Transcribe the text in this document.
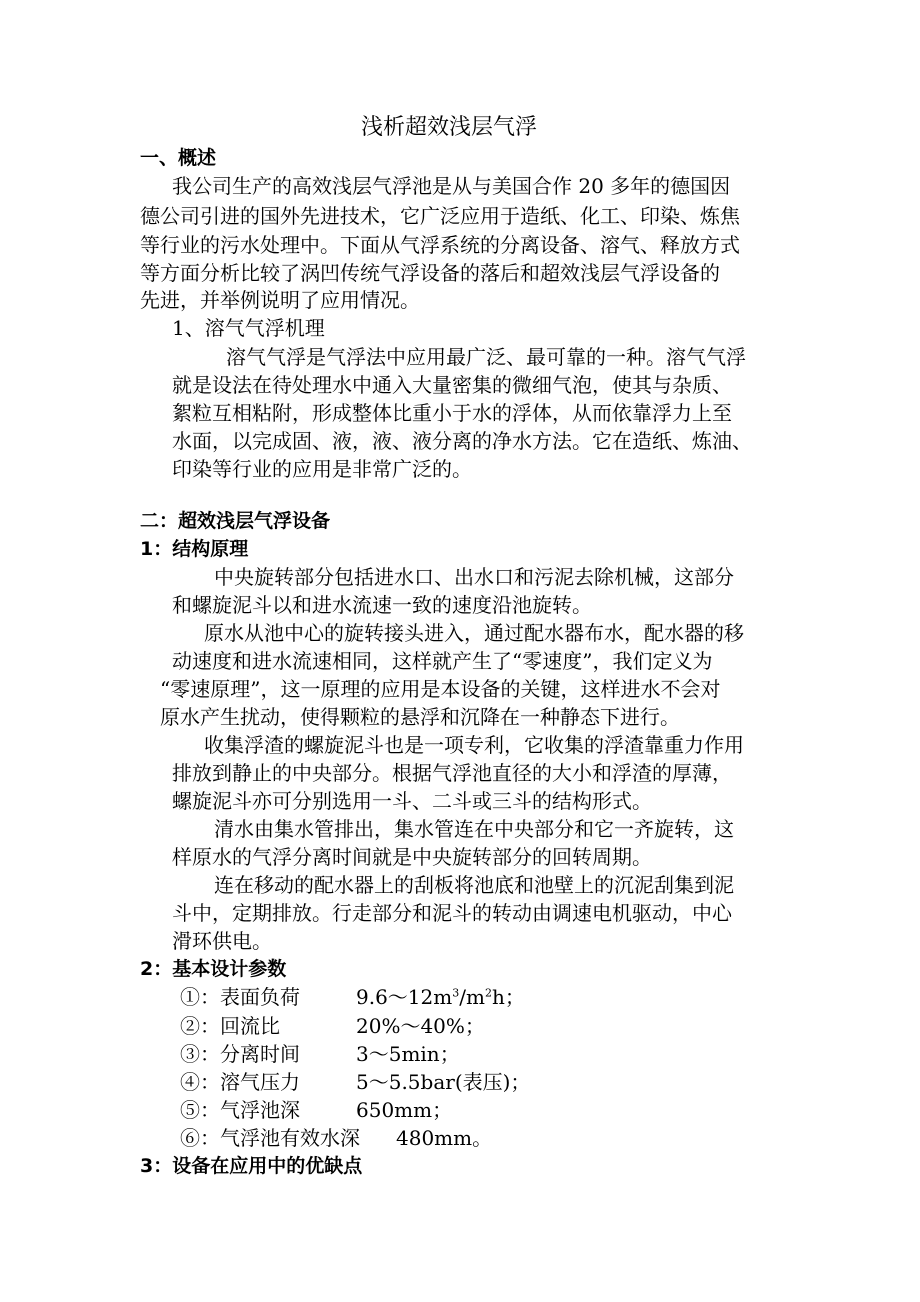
浅析超效浅层气浮
一、概述
我公司生产的高效浅层气浮池是从与美国合作 20 多年的德国因
德公司引进的国外先进技术，它广泛应用于造纸、化工、印染、炼焦
等行业的污水处理中。下面从气浮系统的分离设备、溶气、释放方式
等方面分析比较了涡凹传统气浮设备的落后和超效浅层气浮设备的
先进，并举例说明了应用情况。
1、溶气气浮机理
溶气气浮是气浮法中应用最广泛、最可靠的一种。溶气气浮
就是设法在待处理水中通入大量密集的微细气泡，使其与杂质、
絮粒互相粘附，形成整体比重小于水的浮体，从而依靠浮力上至
水面，以完成固、液，液、液分离的净水方法。它在造纸、炼油、
印染等行业的应用是非常广泛的。
二：超效浅层气浮设备
1：结构原理
中央旋转部分包括进水口、出水口和污泥去除机械，这部分
和螺旋泥斗以和进水流速一致的速度沿池旋转。
原水从池中心的旋转接头进入，通过配水器布水，配水器的移
动速度和进水流速相同，这样就产生了“零速度”，我们定义为
“零速原理”，这一原理的应用是本设备的关键，这样进水不会对
原水产生扰动，使得颗粒的悬浮和沉降在一种静态下进行。
收集浮渣的螺旋泥斗也是一项专利，它收集的浮渣靠重力作用
排放到静止的中央部分。根据气浮池直径的大小和浮渣的厚薄，
螺旋泥斗亦可分别选用一斗、二斗或三斗的结构形式。
清水由集水管排出，集水管连在中央部分和它一齐旋转，这
样原水的气浮分离时间就是中央旋转部分的回转周期。
连在移动的配水器上的刮板将池底和池壁上的沉泥刮集到泥
斗中，定期排放。行走部分和泥斗的转动由调速电机驱动，中心
滑环供电。
2：基本设计参数
①：表面负荷	$9.6\sim 12m^3/m^2h$；
②：回流比	20%～40%；
③：分离时间	3～5min；
④：溶气压力	5～5.5bar(表压)；
⑤：气浮池深	650mm；
⑥：气浮池有效水深 480mm。
3：设备在应用中的优缺点
